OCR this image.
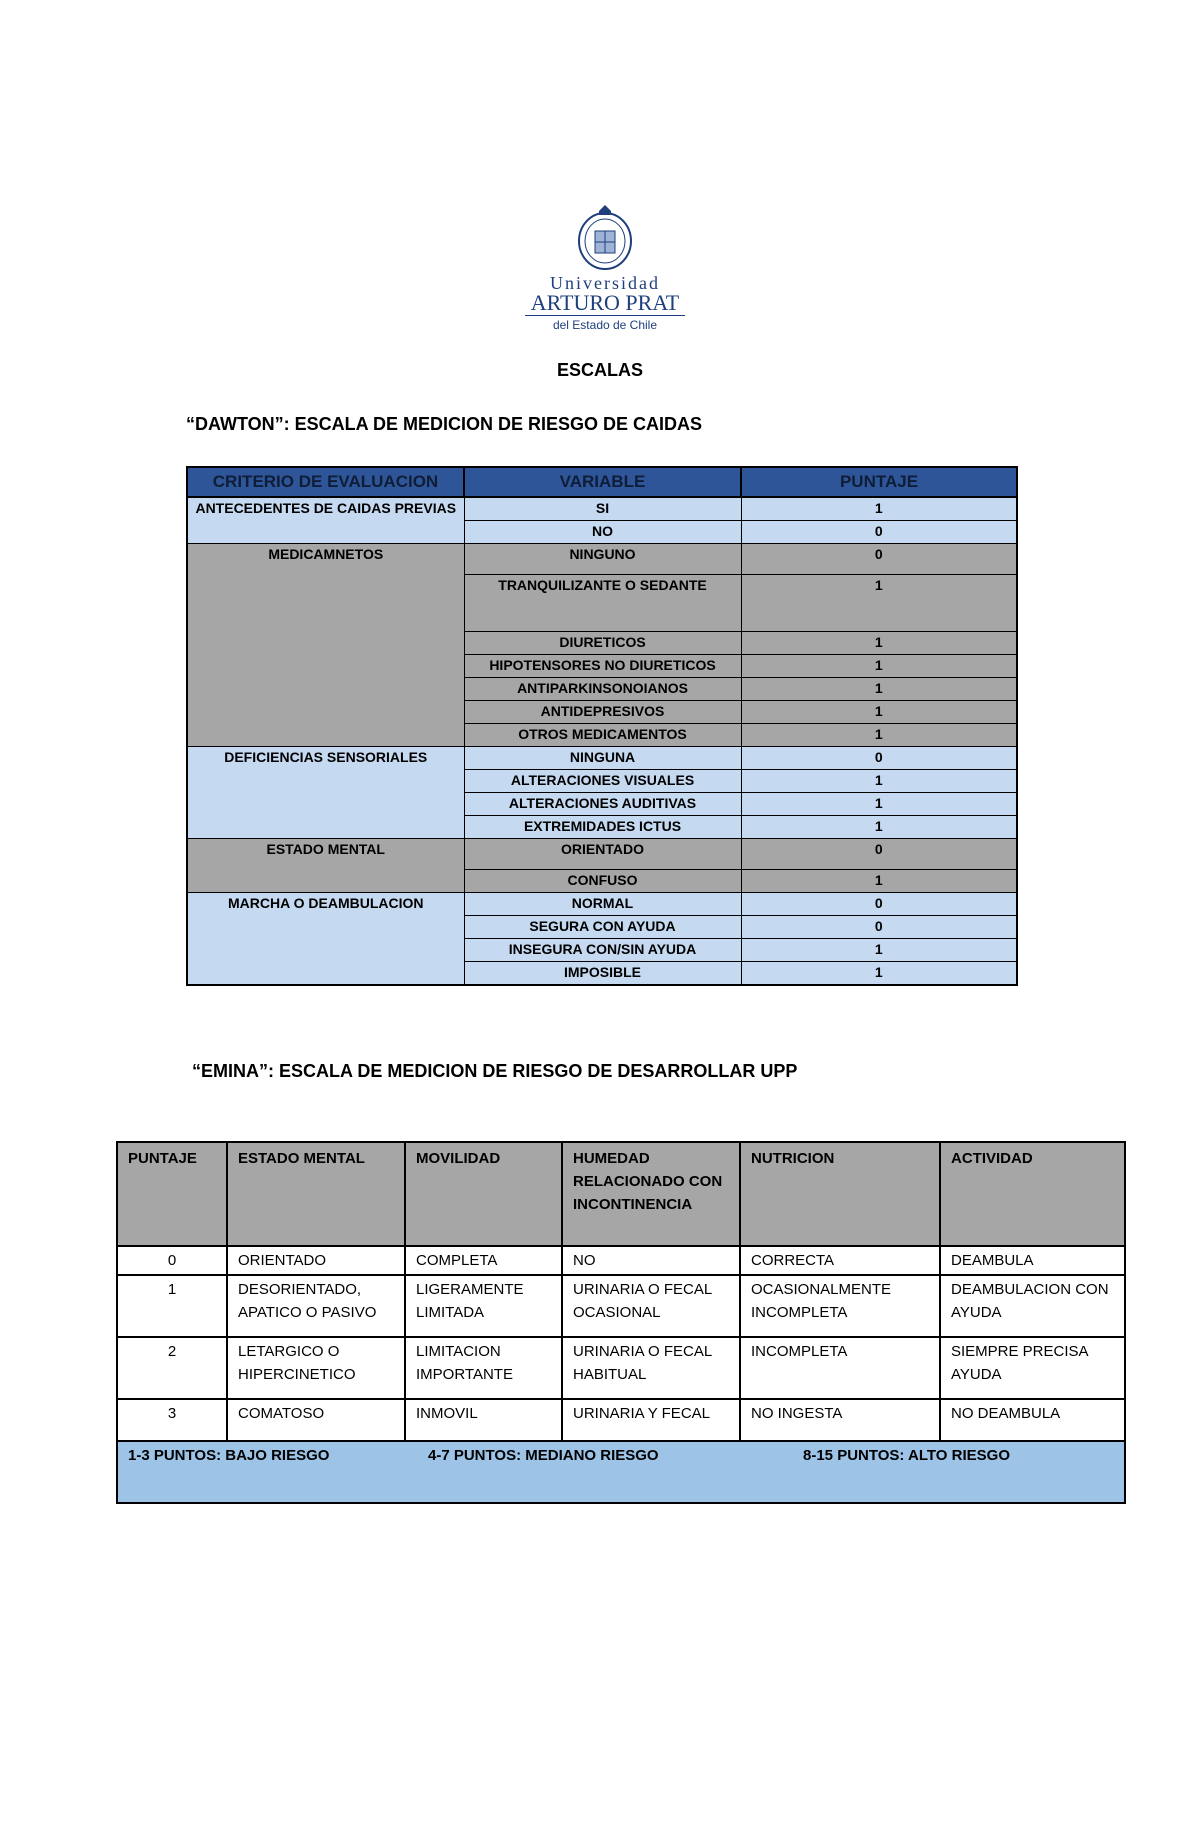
Universidad
ARTURO PRAT
del Estado de Chile
ESCALAS
“DAWTON”: ESCALA DE MEDICION DE RIESGO DE CAIDAS
CRITERIO DE EVALUACION	VARIABLE	PUNTAJE
ANTECEDENTES DE CAIDAS PREVIAS	SI	1
	NO	0
MEDICAMNETOS	NINGUNO	0
	TRANQUILIZANTE O SEDANTE	1
	DIURETICOS	1
	HIPOTENSORES NO DIURETICOS	1
	ANTIPARKINSONOIANOS	1
	ANTIDEPRESIVOS	1
	OTROS MEDICAMENTOS	1
DEFICIENCIAS SENSORIALES	NINGUNA	0
	ALTERACIONES VISUALES	1
	ALTERACIONES AUDITIVAS	1
	EXTREMIDADES ICTUS	1
ESTADO MENTAL	ORIENTADO	0
	CONFUSO	1
MARCHA O DEAMBULACION	NORMAL	0
	SEGURA CON AYUDA	0
	INSEGURA CON/SIN AYUDA	1
	IMPOSIBLE	1
“EMINA”: ESCALA DE MEDICION DE RIESGO DE DESARROLLAR UPP
PUNTAJE	ESTADO MENTAL	MOVILIDAD	HUMEDAD RELACIONADO CON INCONTINENCIA	NUTRICION	ACTIVIDAD
0	ORIENTADO	COMPLETA	NO	CORRECTA	DEAMBULA
1	DESORIENTADO, APATICO O PASIVO	LIGERAMENTE LIMITADA	URINARIA O FECAL OCASIONAL	OCASIONALMENTE INCOMPLETA	DEAMBULACION CON AYUDA
2	LETARGICO O HIPERCINETICO	LIMITACION IMPORTANTE	URINARIA O FECAL HABITUAL	INCOMPLETA	SIEMPRE PRECISA AYUDA
3	COMATOSO	INMOVIL	URINARIA Y FECAL	NO INGESTA	NO DEAMBULA
1-3 PUNTOS: BAJO RIESGO 4-7 PUNTOS: MEDIANO RIESGO 8-15 PUNTOS: ALTO RIESGO					
